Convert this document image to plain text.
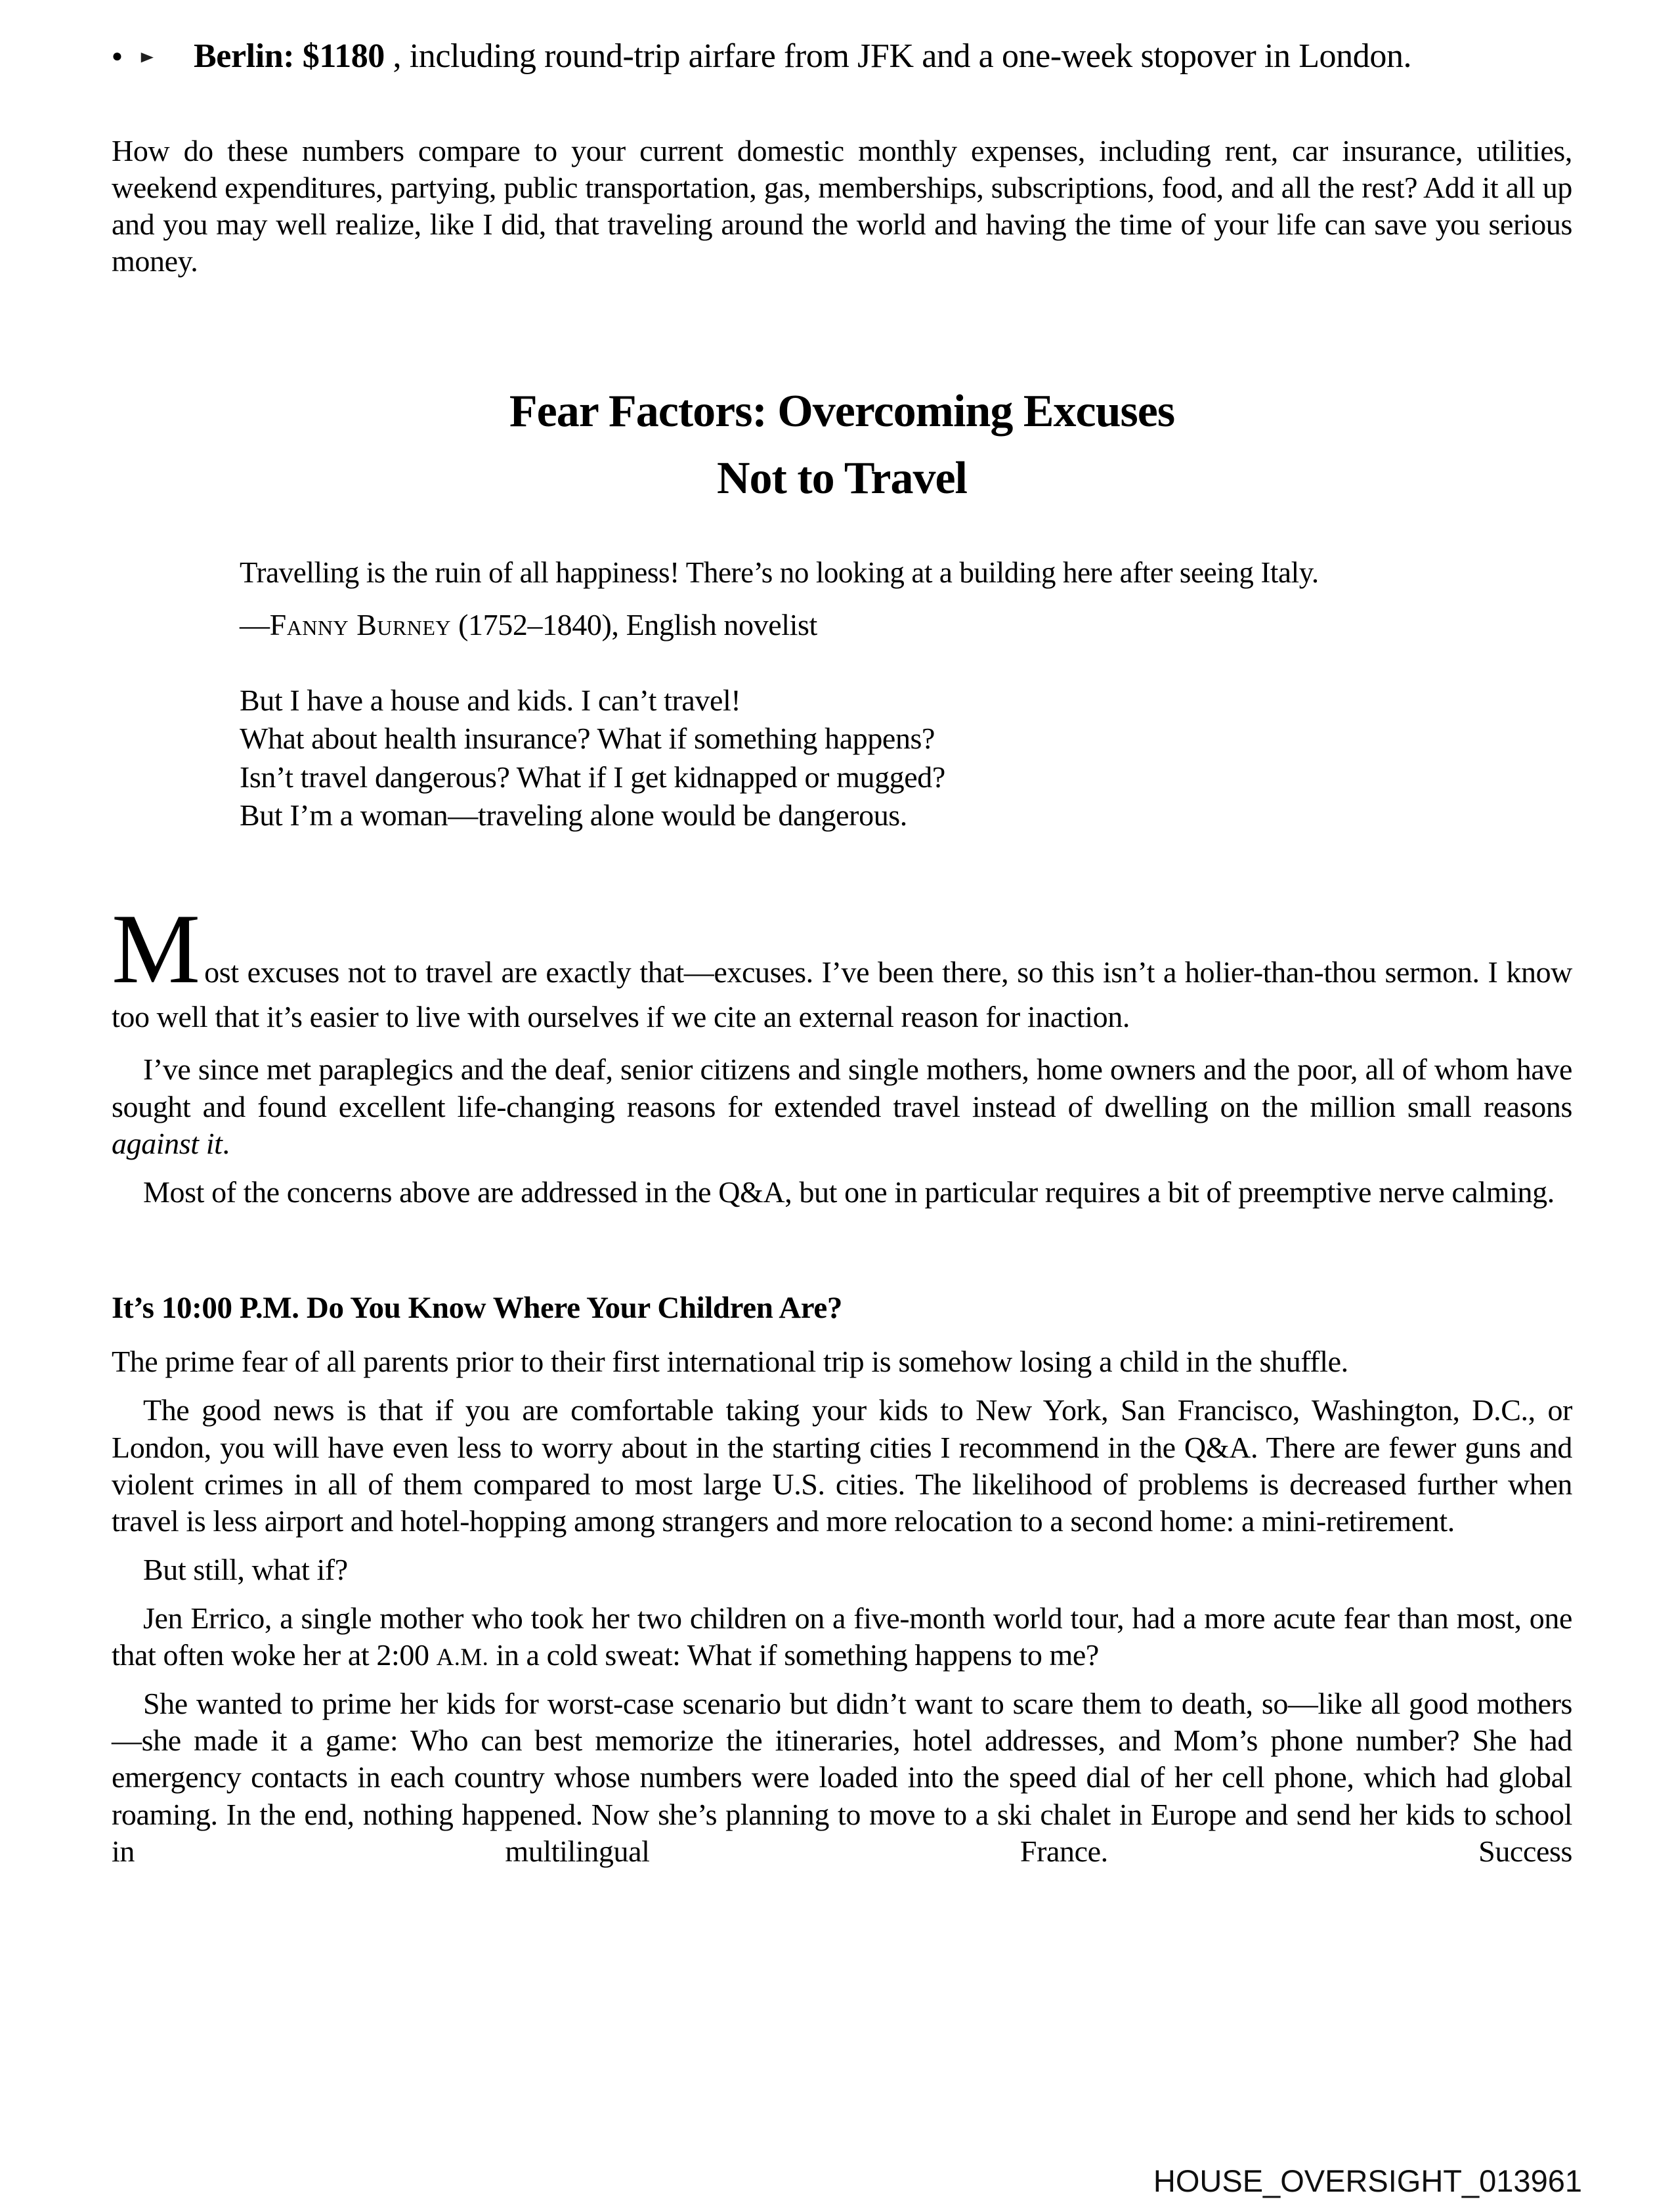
● ► Berlin: $1180 , including round-trip airfare from JFK and a one-week stopover in London.

How do these numbers compare to your current domestic monthly expenses, including rent, car insurance, utilities, weekend expenditures, partying, public transportation, gas, memberships, subscriptions, food, and all the rest? Add it all up and you may well realize, like I did, that traveling around the world and having the time of your life can save you serious money.

Fear Factors: Overcoming Excuses
Not to Travel

Travelling is the ruin of all happiness! There’s no looking at a building here after seeing Italy.

—Fanny Burney (1752–1840), English novelist

But I have a house and kids. I can’t travel!
What about health insurance? What if something happens?
Isn’t travel dangerous? What if I get kidnapped or mugged?
But I’m a woman—traveling alone would be dangerous.

Most excuses not to travel are exactly that—excuses. I’ve been there, so this isn’t a holier-than-thou sermon. I know too well that it’s easier to live with ourselves if we cite an external reason for inaction.

I’ve since met paraplegics and the deaf, senior citizens and single mothers, home owners and the poor, all of whom have sought and found excellent life-changing reasons for extended travel instead of dwelling on the million small reasons against it.

Most of the concerns above are addressed in the Q&A, but one in particular requires a bit of preemptive nerve calming.

It’s 10:00 P.M. Do You Know Where Your Children Are?

The prime fear of all parents prior to their first international trip is somehow losing a child in the shuffle.

The good news is that if you are comfortable taking your kids to New York, San Francisco, Washington, D.C., or London, you will have even less to worry about in the starting cities I recommend in the Q&A. There are fewer guns and violent crimes in all of them compared to most large U.S. cities. The likelihood of problems is decreased further when travel is less airport and hotel-hopping among strangers and more relocation to a second home: a mini-retirement.

But still, what if?

Jen Errico, a single mother who took her two children on a five-month world tour, had a more acute fear than most, one that often woke her at 2:00 A.M. in a cold sweat: What if something happens to me?

She wanted to prime her kids for worst-case scenario but didn’t want to scare them to death, so—like all good mothers—she made it a game: Who can best memorize the itineraries, hotel addresses, and Mom’s phone number? She had emergency contacts in each country whose numbers were loaded into the speed dial of her cell phone, which had global roaming. In the end, nothing happened. Now she’s planning to move to a ski chalet in Europe and send her kids to school in multilingual France. Success

HOUSE_OVERSIGHT_013961
